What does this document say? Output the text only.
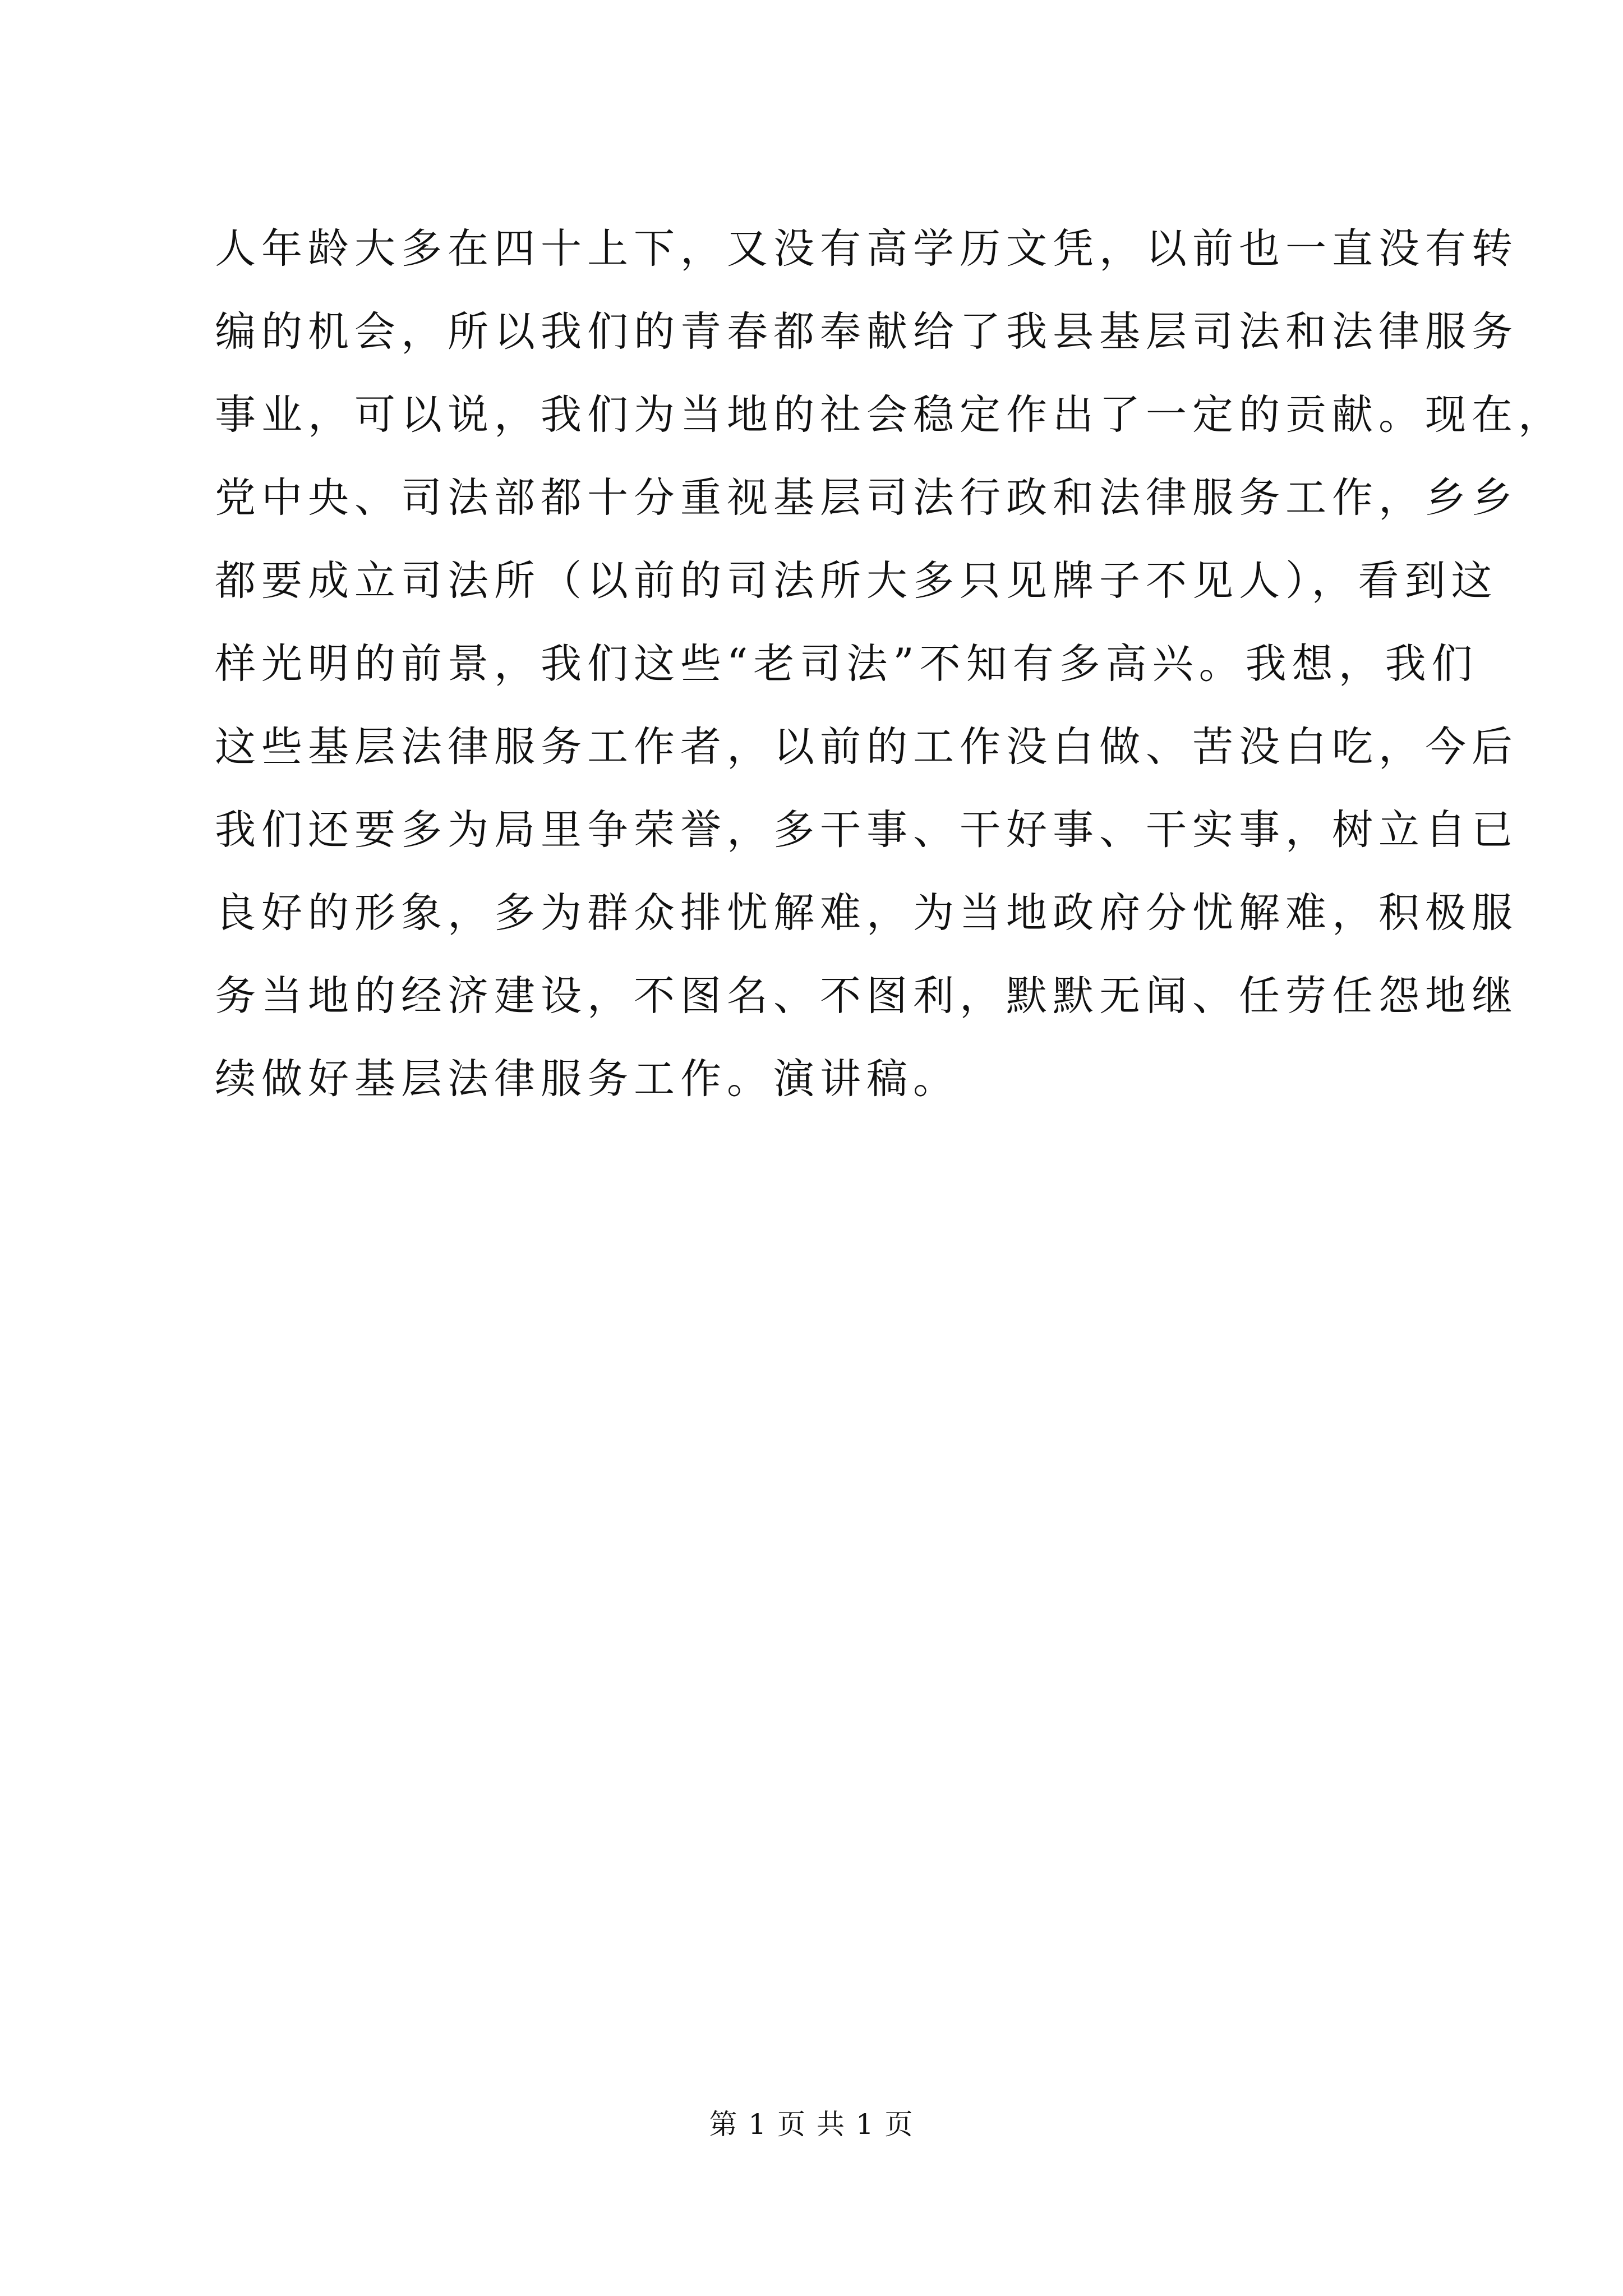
人年龄大多在四十上下，又没有高学历文凭，以前也一直没有转
编的机会，所以我们的青春都奉献给了我县基层司法和法律服务
事业，可以说，我们为当地的社会稳定作出了一定的贡献。现在，
党中央、司法部都十分重视基层司法行政和法律服务工作，乡乡
都要成立司法所（以前的司法所大多只见牌子不见人），看到这
样光明的前景，我们这些“老司法”不知有多高兴。我想，我们
这些基层法律服务工作者，以前的工作没白做、苦没白吃，今后
我们还要多为局里争荣誉，多干事、干好事、干实事，树立自已
良好的形象，多为群众排忧解难，为当地政府分忧解难，积极服
务当地的经济建设，不图名、不图利，默默无闻、任劳任怨地继
续做好基层法律服务工作。演讲稿。
第 1 页 共 1 页
